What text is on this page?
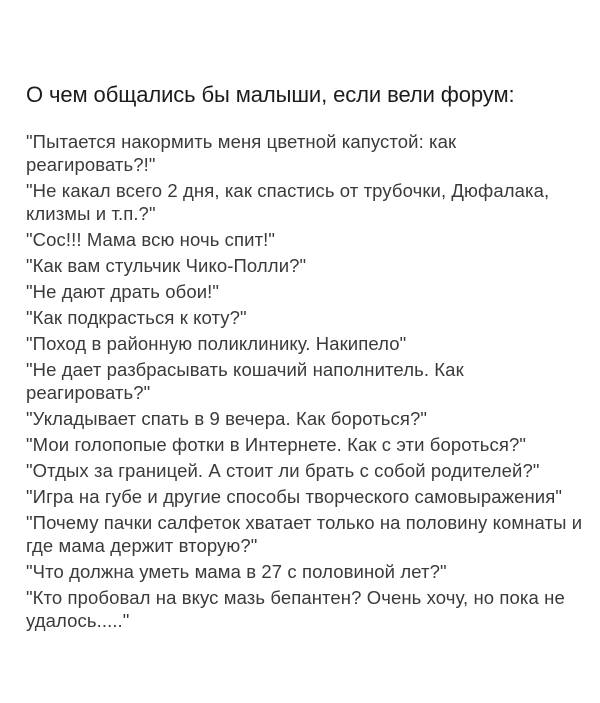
О чем общались бы малыши, если вели форум:
"Пытается накормить меня цветной капустой: как реагировать?!"
"Не какал всего 2 дня, как спастись от трубочки, Дюфалака, клизмы и т.п.?"
"Сос!!! Мама всю ночь спит!"
"Как вам стульчик Чико-Полли?"
"Не дают драть обои!"
"Как подкрасться к коту?"
"Поход в районную поликлинику. Накипело"
"Не дает разбрасывать кошачий наполнитель. Как реагировать?"
"Укладывает спать в 9 вечера. Как бороться?"
"Мои голопопые фотки в Интернете. Как с эти бороться?"
"Отдых за границей. А стоит ли брать с собой родителей?"
"Игра на губе и другие способы творческого самовыражения"
"Почему пачки салфеток хватает только на половину комнаты и где мама держит вторую?"
"Что должна уметь мама в 27 с половиной лет?"
"Кто пробовал на вкус мазь бепантен? Очень хочу, но пока не удалось....."
